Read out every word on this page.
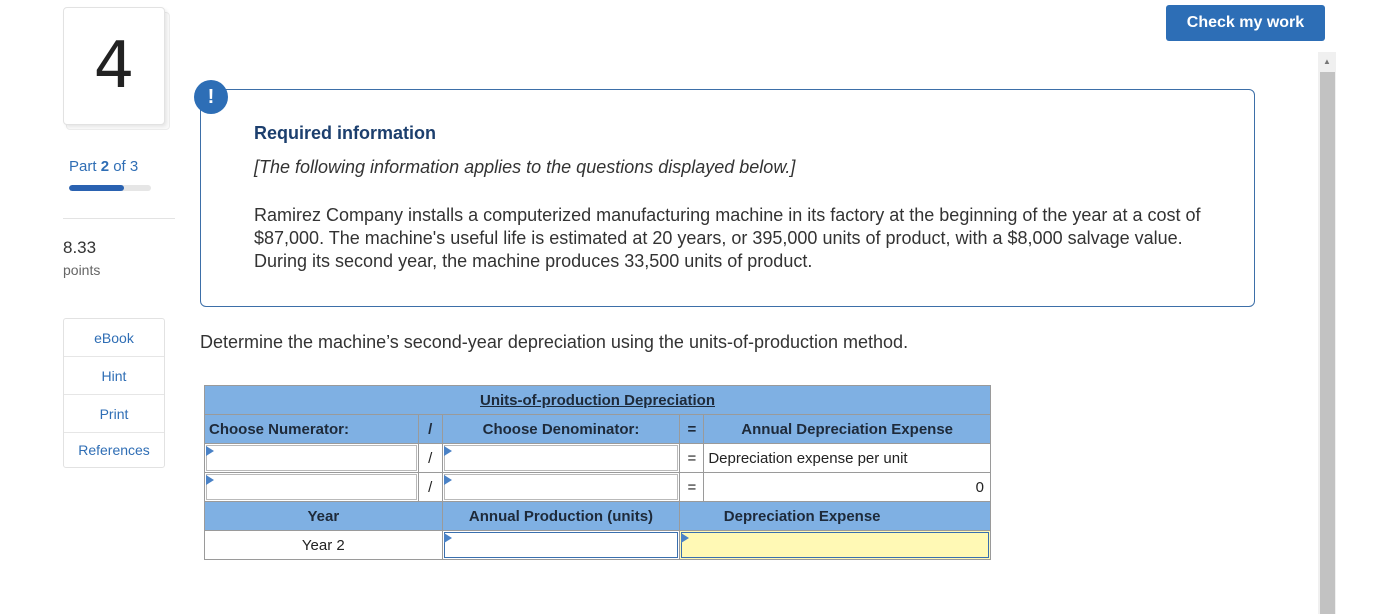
4
Part 2 of 3
8.33
points
eBook
Hint
Print
References
Check my work
▲
!
Required information
[The following information applies to the questions displayed below.]
Ramirez Company installs a computerized manufacturing machine in its factory at the beginning of the year at a cost of $87,000. The machine's useful life is estimated at 20 years, or 395,000 units of product, with a $8,000 salvage value. During its second year, the machine produces 33,500 units of product.
Determine the machine’s second-year depreciation using the units-of-production method.
Units-of-production Depreciation				
Choose Numerator:	/	Choose Denominator:	=	Annual Depreciation Expense

	/		=	Depreciation expense per unit

	/		=	0
Year		Annual Production (units)	Depreciation Expense	
Year 2			
